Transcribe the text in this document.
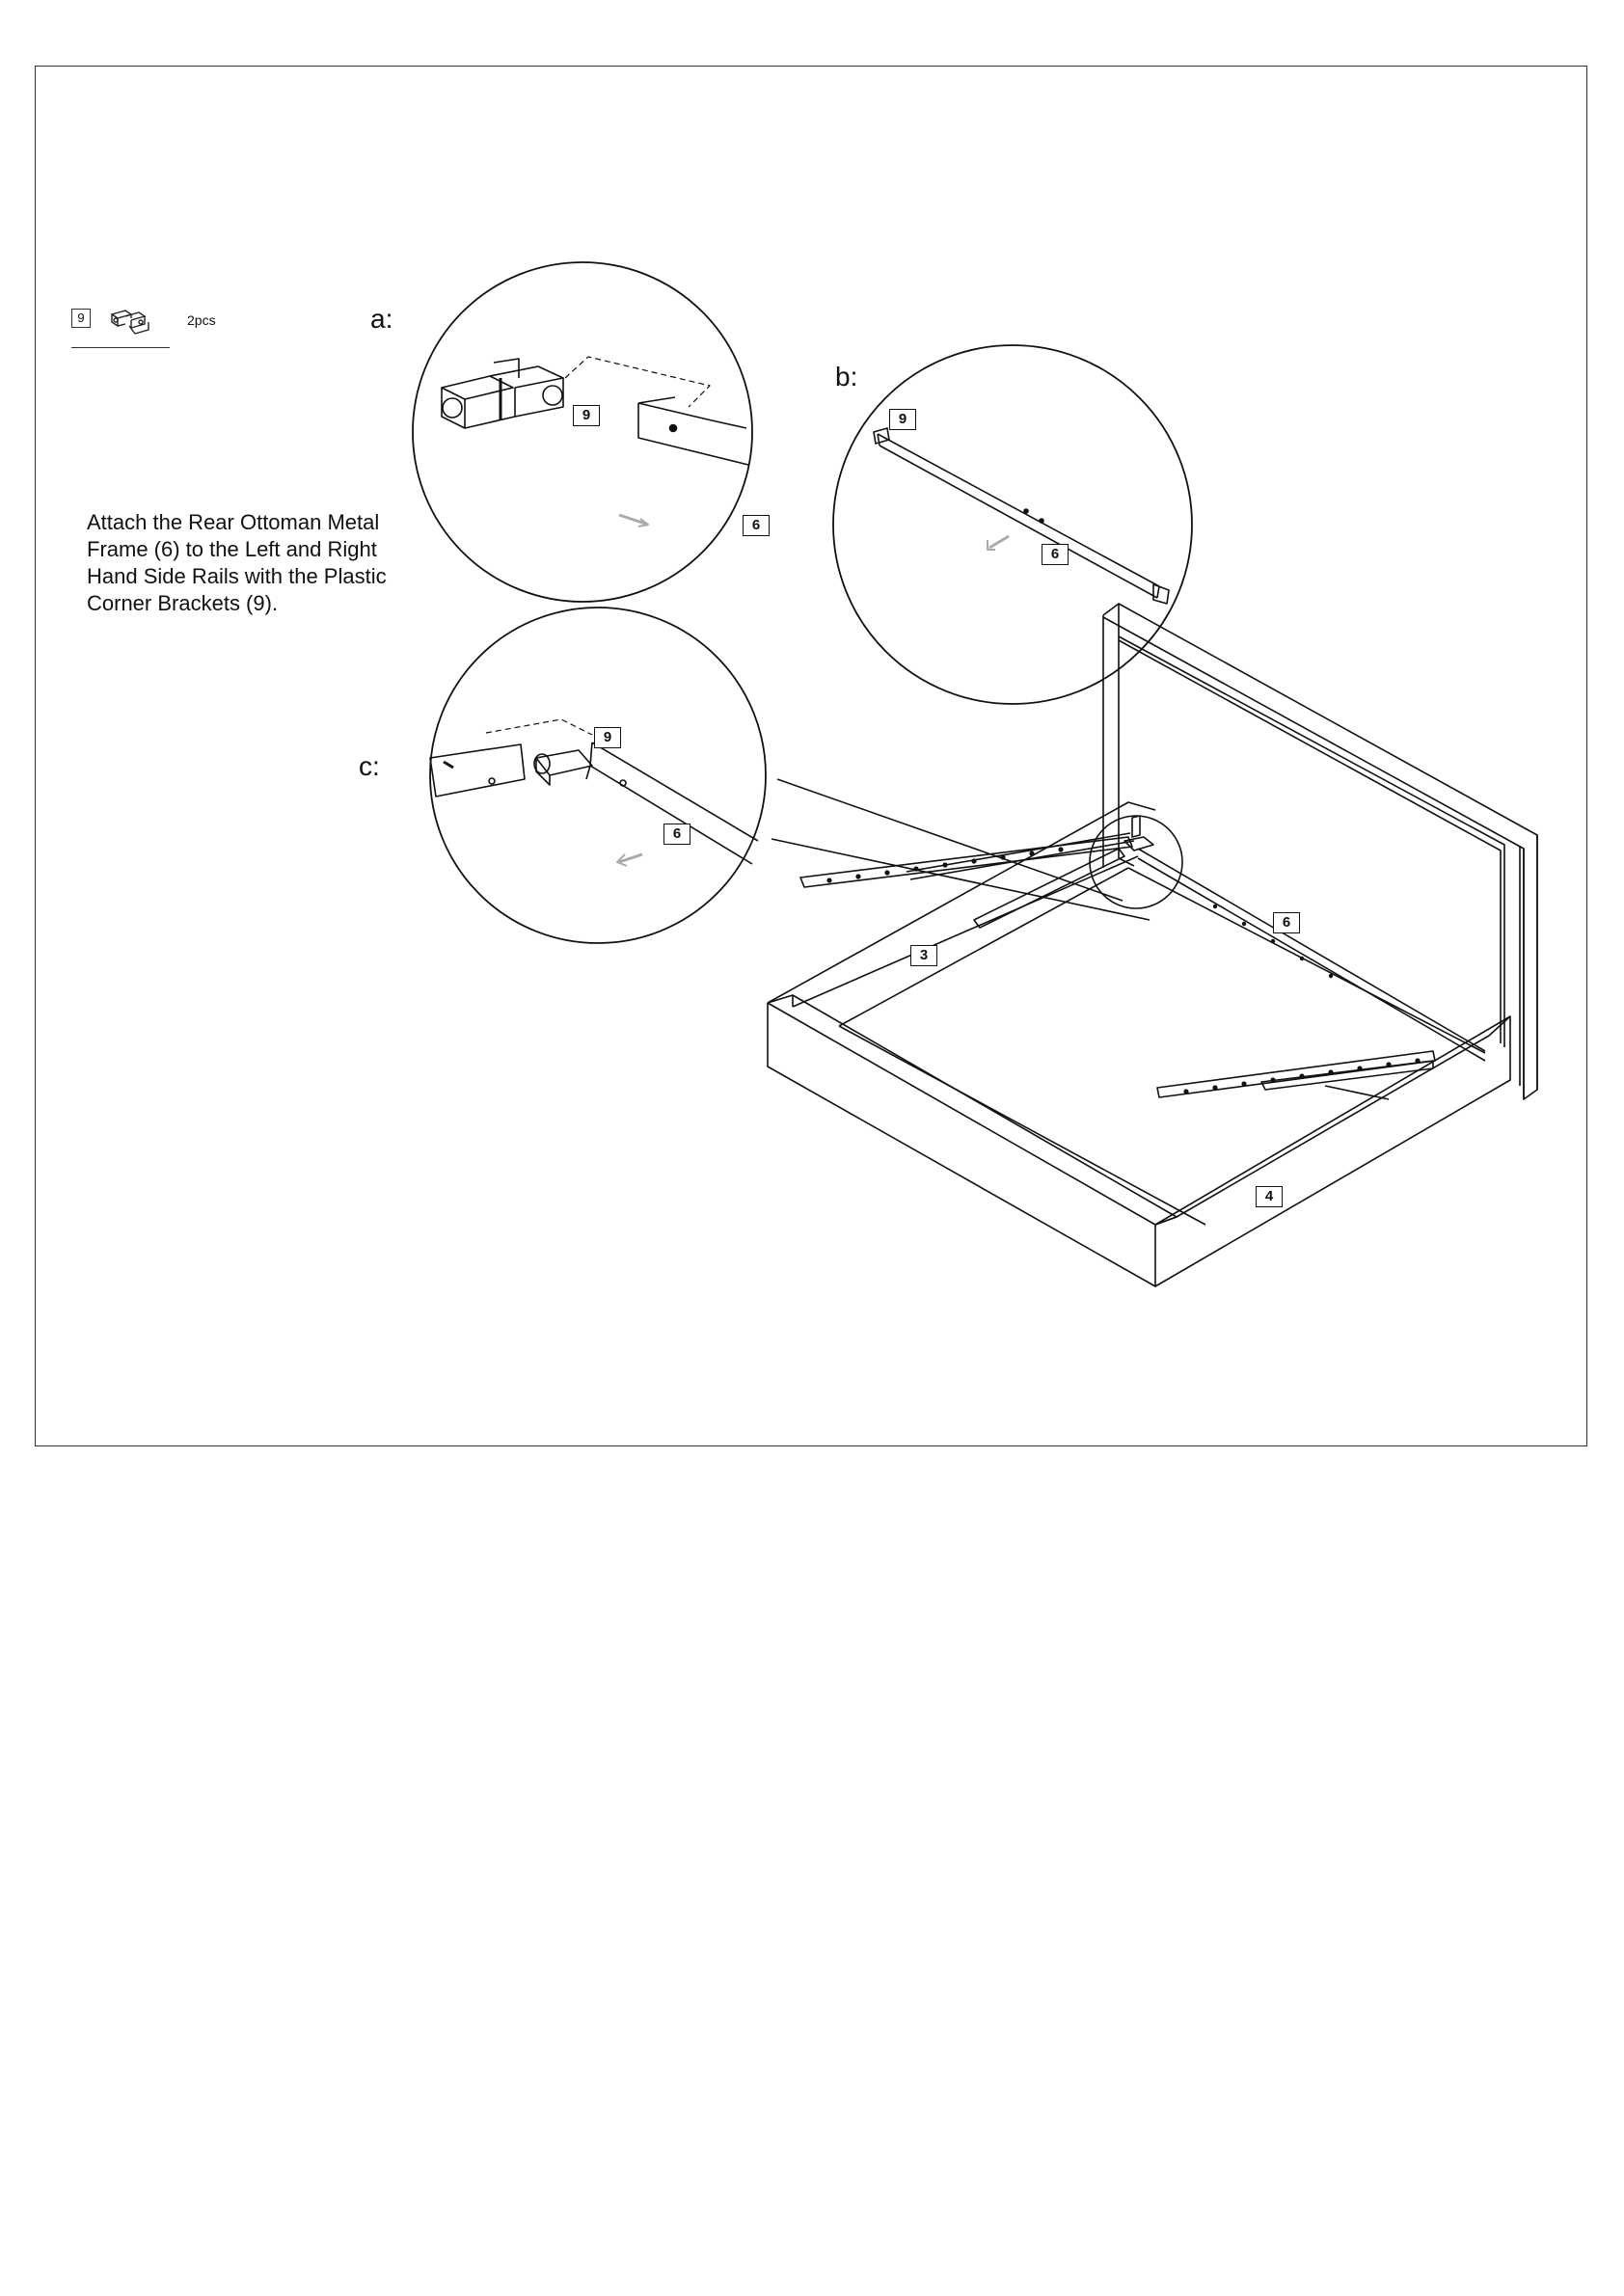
9	2pcs
Attach the Rear Ottoman Metal Frame (6) to the Left and Right Hand Side Rails with the Plastic Corner Brackets (9).
a:
b:
c:
9
6
9
6
9
6
3
6
4
